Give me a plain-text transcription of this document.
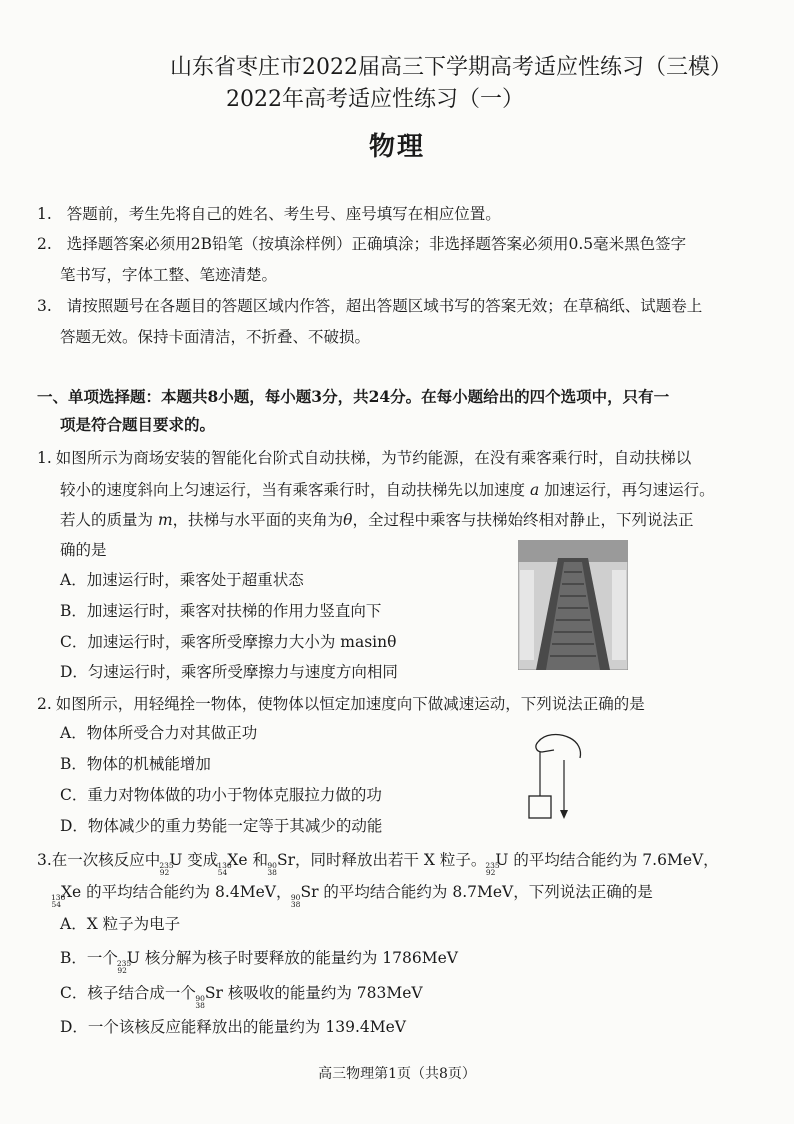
山东省枣庄市2022届高三下学期高考适应性练习（三模）
2022年高考适应性练习（一）
物理
1. 答题前，考生先将自己的姓名、考生号、座号填写在相应位置。
2. 选择题答案必须用2B铅笔（按填涂样例）正确填涂；非选择题答案必须用0.5毫米黑色签字
笔书写，字体工整、笔迹清楚。
3. 请按照题号在各题目的答题区域内作答，超出答题区域书写的答案无效；在草稿纸、试题卷上
答题无效。保持卡面清洁，不折叠、不破损。
一、单项选择题：本题共8小题，每小题3分，共24分。在每小题给出的四个选项中，只有一
项是符合题目要求的。
1. 如图所示为商场安装的智能化台阶式自动扶梯，为节约能源，在没有乘客乘行时，自动扶梯以
较小的速度斜向上匀速运行，当有乘客乘行时，自动扶梯先以加速度 a 加速运行，再匀速运行。
若人的质量为 m，扶梯与水平面的夹角为θ，全过程中乘客与扶梯始终相对静止，下列说法正
确的是
A．加速运行时，乘客处于超重状态
B．加速运行时，乘客对扶梯的作用力竖直向下
C．加速运行时，乘客所受摩擦力大小为 masinθ
D．匀速运行时，乘客所受摩擦力与速度方向相同
2. 如图所示，用轻绳拴一物体，使物体以恒定加速度向下做减速运动，下列说法正确的是
A．物体所受合力对其做正功
B．物体的机械能增加
C．重力对物体做的功小于物体克服拉力做的功
D．物体减少的重力势能一定等于其减少的动能
3.在一次核反应中 235
92
U 变成 136
54
Xe 和 90
38
Sr，同时释放出若干 X 粒子。 235
92
U 的平均结合能约为 7.6MeV，
136
54
Xe 的平均结合能约为 8.4MeV， 90
38
Sr 的平均结合能约为 8.7MeV，下列说法正确的是
A．X 粒子为电子
B．一个 235
92
U 核分解为核子时要释放的能量约为 1786MeV
C．核子结合成一个 90
38
Sr 核吸收的能量约为 783MeV
D．一个该核反应能释放出的能量约为 139.4MeV
高三物理第1页（共8页）
